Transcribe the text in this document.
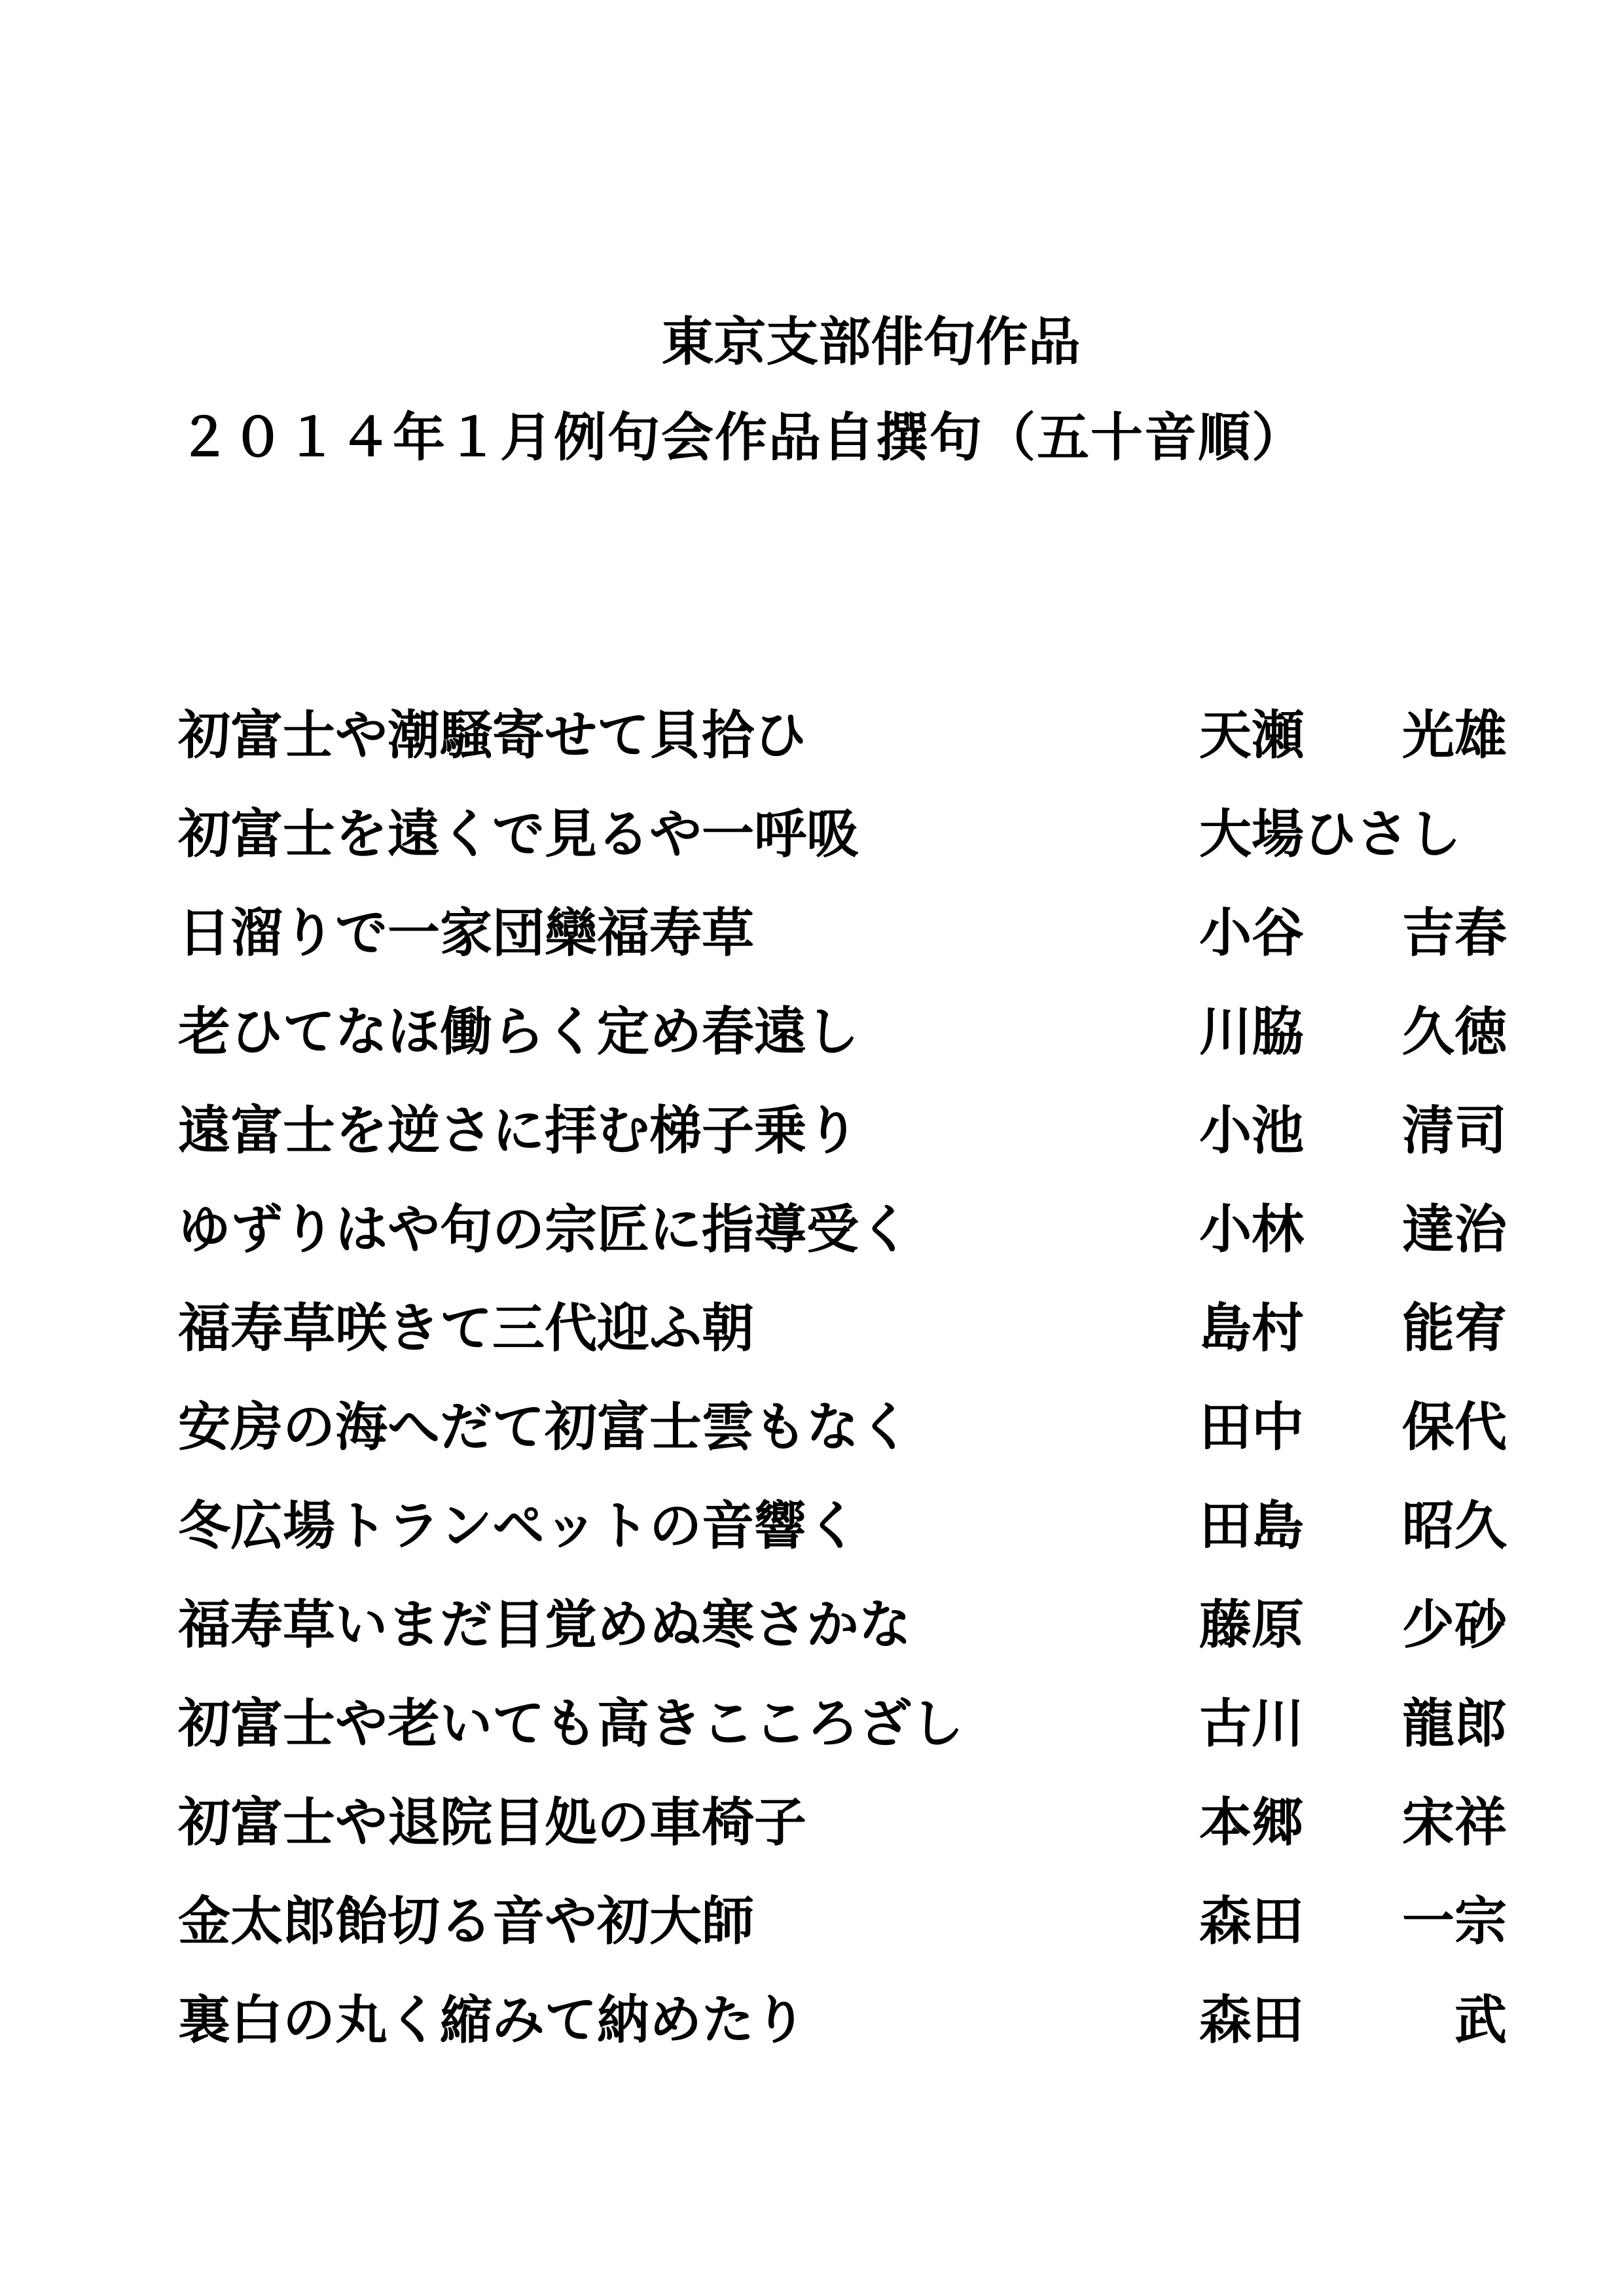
東京支部俳句作品
２０１４年１月例句会作品自撰句（五十音順）
初富士や潮騒寄せて貝拾ひ	天瀬 光雄
初富士を遠くで見るや一呼吸	大場ひさし
日溜りで一家団欒福寿草	小谷 吉春
老ひてなほ働らく定め春遠し	川脇 久徳
遠富士を逆さに拝む梯子乗り	小池 清司
ゆずりはや句の宗匠に指導受く	小林 達治
福寿草咲きて三代迎ふ朝	島村 能宥
安房の海へだて初富士雲もなく	田中 保代
冬広場トランペットの音響く	田島 昭久
福寿草いまだ目覚めぬ寒さかな	藤原 少砂
初富士や老いても高きこころざし	古川 龍郎
初富士や退院目処の車椅子	本郷 宋祥
金太郎飴切る音や初大師	森田 一宗
裏白の丸く縮みて納めたり	森田	武
